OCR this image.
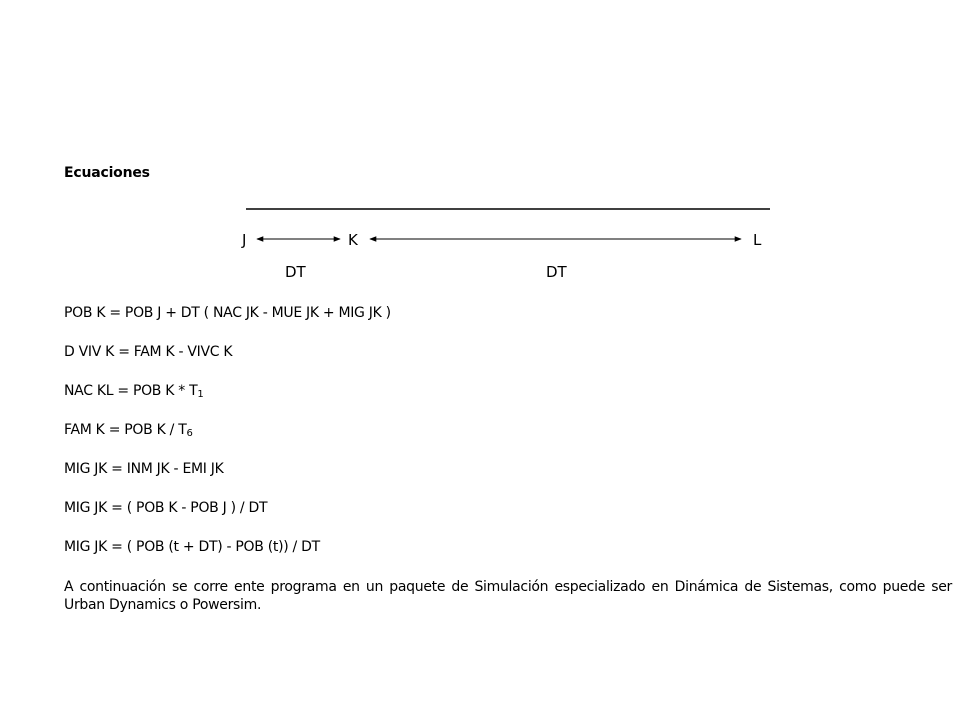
Ecuaciones
J	K	L
DT	DT
POB K = POB J + DT ( NAC JK - MUE JK + MIG JK )
D VIV K = FAM K - VIVC K
NAC KL = POB K * T1
FAM K = POB K / T6
MIG JK = INM JK - EMI JK
MIG JK = ( POB K - POB J ) / DT
MIG JK = ( POB (t + DT) - POB (t)) / DT
A continuación se corre ente programa en un paquete de Simulación especializado en Dinámica de Sistemas, como puede ser Urban Dynamics o Powersim.
